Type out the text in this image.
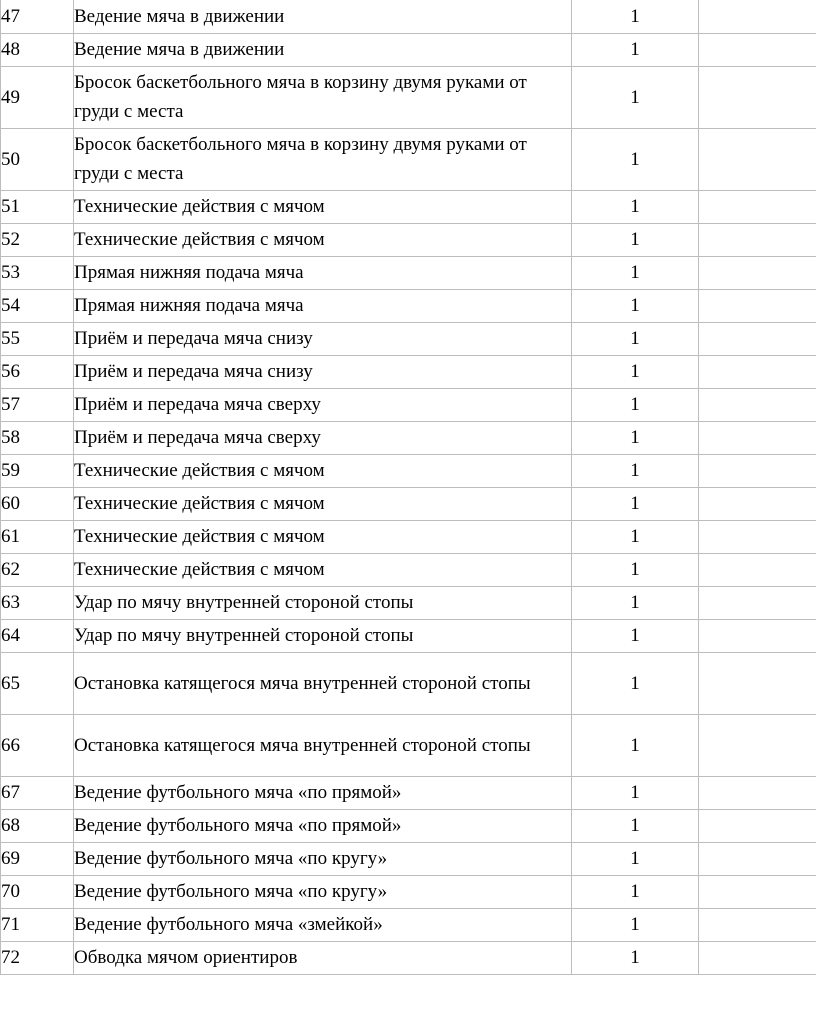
47	Ведение мяча в движении	1	
48	Ведение мяча в движении	1	
49	Бросок баскетбольного мяча в корзину двумя руками от груди с места	1	
50	Бросок баскетбольного мяча в корзину двумя руками от груди с места	1	
51	Технические действия с мячом	1	
52	Технические действия с мячом	1	
53	Прямая нижняя подача мяча	1	
54	Прямая нижняя подача мяча	1	
55	Приём и передача мяча снизу	1	
56	Приём и передача мяча снизу	1	
57	Приём и передача мяча сверху	1	
58	Приём и передача мяча сверху	1	
59	Технические действия с мячом	1	
60	Технические действия с мячом	1	
61	Технические действия с мячом	1	
62	Технические действия с мячом	1	
63	Удар по мячу внутренней стороной стопы	1	
64	Удар по мячу внутренней стороной стопы	1	
65	Остановка катящегося мяча внутренней стороной стопы	1	
66	Остановка катящегося мяча внутренней стороной стопы	1	
67	Ведение футбольного мяча «по прямой»	1	
68	Ведение футбольного мяча «по прямой»	1	
69	Ведение футбольного мяча «по кругу»	1	
70	Ведение футбольного мяча «по кругу»	1	
71	Ведение футбольного мяча «змейкой»	1	
72	Обводка мячом ориентиров	1	
